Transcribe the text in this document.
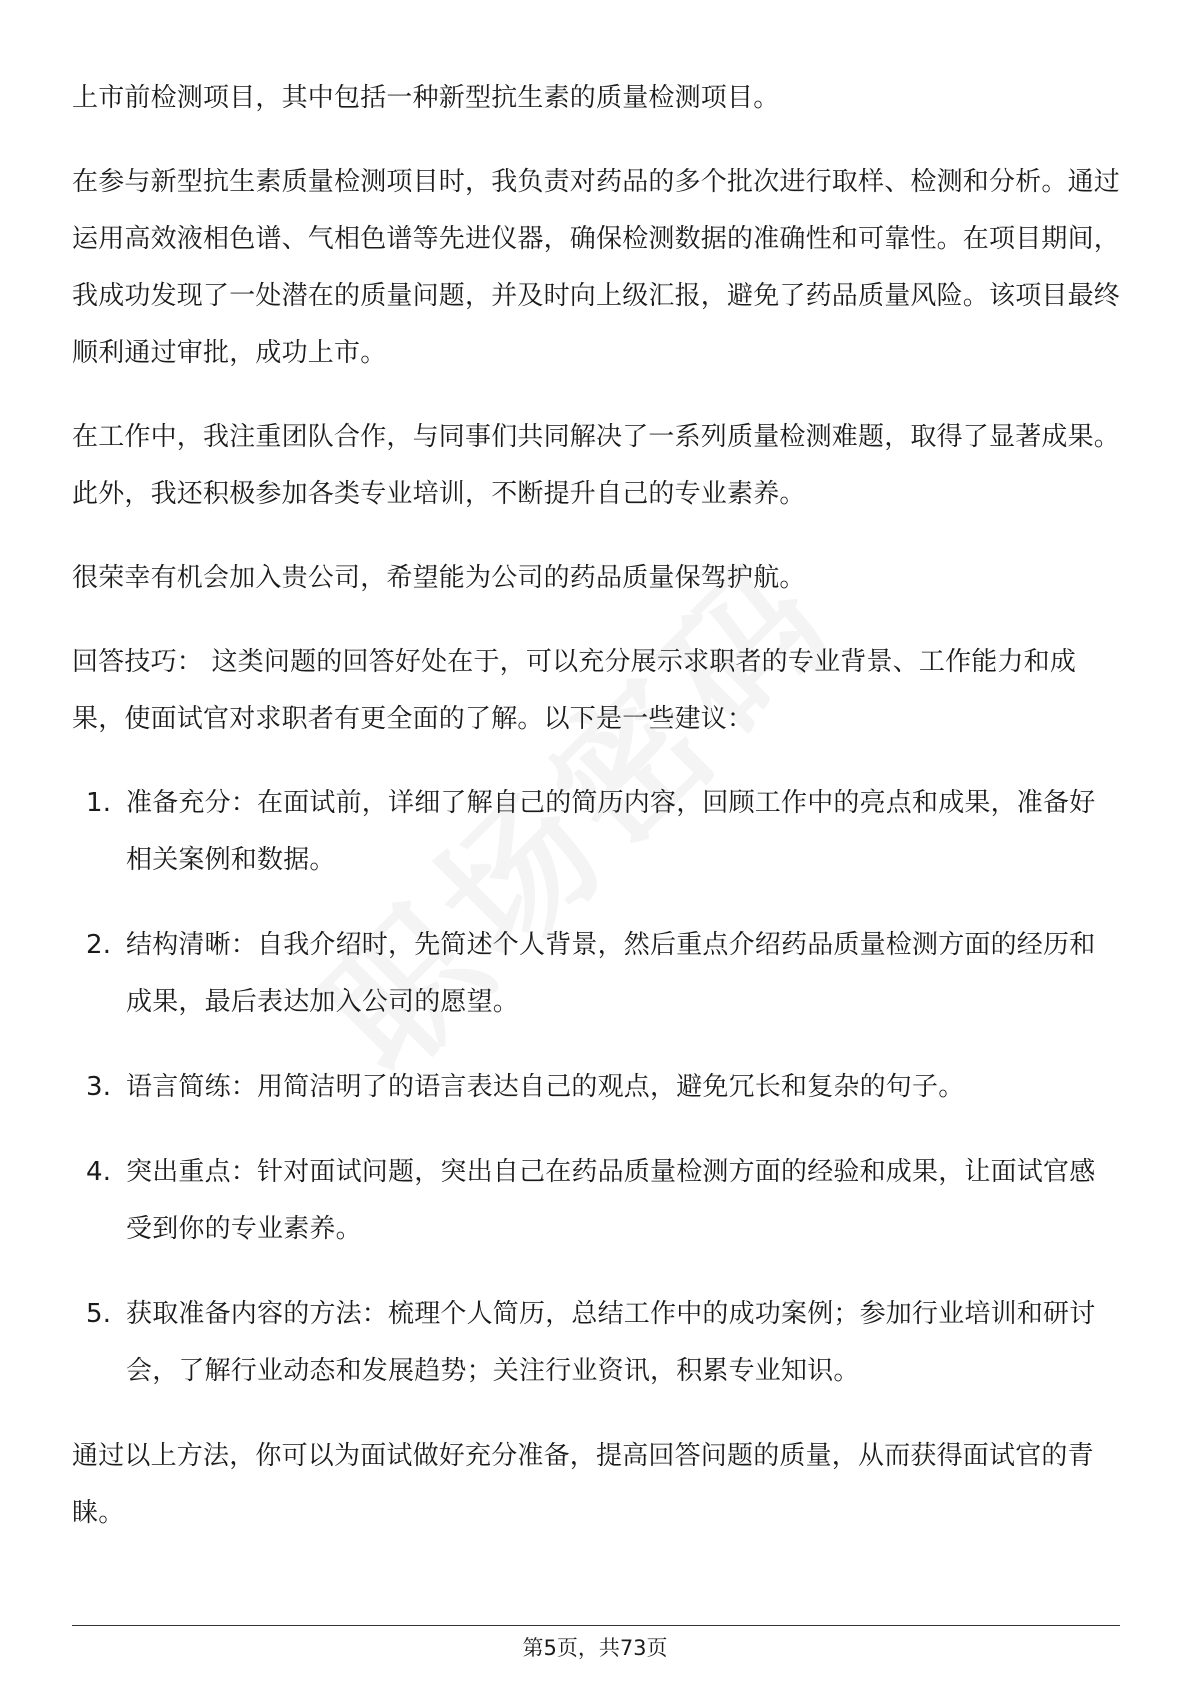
上市前检测项目，其中包括一种新型抗生素的质量检测项目。

在参与新型抗生素质量检测项目时，我负责对药品的多个批次进行取样、检测和分析。通过运用高效液相色谱、气相色谱等先进仪器，确保检测数据的准确性和可靠性。在项目期间，我成功发现了一处潜在的质量问题，并及时向上级汇报，避免了药品质量风险。该项目最终顺利通过审批，成功上市。

在工作中，我注重团队合作，与同事们共同解决了一系列质量检测难题，取得了显著成果。此外，我还积极参加各类专业培训，不断提升自己的专业素养。

很荣幸有机会加入贵公司，希望能为公司的药品质量保驾护航。

回答技巧： 这类问题的回答好处在于，可以充分展示求职者的专业背景、工作能力和成果，使面试官对求职者有更全面的了解。以下是一些建议：

1. 准备充分：在面试前，详细了解自己的简历内容，回顾工作中的亮点和成果，准备好相关案例和数据。
2. 结构清晰：自我介绍时，先简述个人背景，然后重点介绍药品质量检测方面的经历和成果，最后表达加入公司的愿望。
3. 语言简练：用简洁明了的语言表达自己的观点，避免冗长和复杂的句子。
4. 突出重点：针对面试问题，突出自己在药品质量检测方面的经验和成果，让面试官感受到你的专业素养。
5. 获取准备内容的方法：梳理个人简历，总结工作中的成功案例；参加行业培训和研讨会，了解行业动态和发展趋势；关注行业资讯，积累专业知识。

通过以上方法，你可以为面试做好充分准备，提高回答问题的质量，从而获得面试官的青睐。

第5页，共73页
